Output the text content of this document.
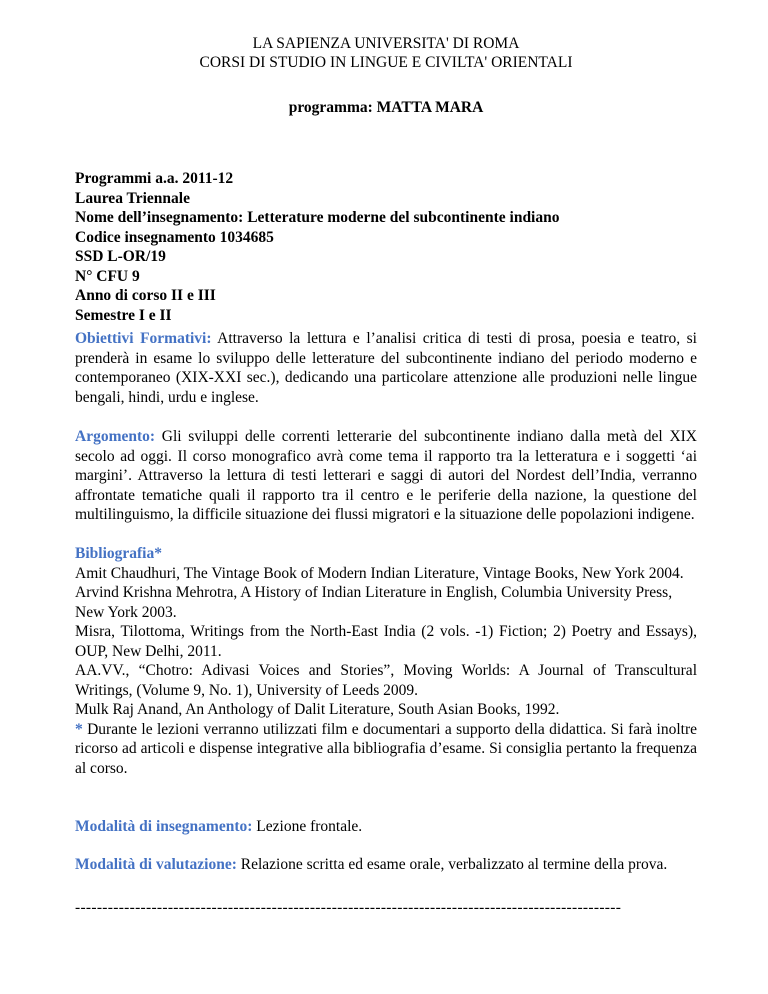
LA SAPIENZA UNIVERSITA' DI ROMA
CORSI DI STUDIO IN LINGUE E CIVILTA' ORIENTALI
programma: MATTA MARA
Programmi a.a. 2011-12
Laurea Triennale
Nome dell’insegnamento: Letterature moderne del subcontinente indiano
Codice insegnamento 1034685
SSD L-OR/19
N° CFU 9
Anno di corso II e III
Semestre I e II
Obiettivi Formativi: Attraverso la lettura e l’analisi critica di testi di prosa, poesia e teatro, si prenderà in esame lo sviluppo delle letterature del subcontinente indiano del periodo moderno e contemporaneo (XIX-XXI sec.), dedicando una particolare attenzione alle produzioni nelle lingue bengali, hindi, urdu e inglese.
Argomento: Gli sviluppi delle correnti letterarie del subcontinente indiano dalla metà del XIX secolo ad oggi. Il corso monografico avrà come tema il rapporto tra la letteratura e i soggetti ‘ai margini’. Attraverso la lettura di testi letterari e saggi di autori del Nordest dell’India, verranno affrontate tematiche quali il rapporto tra il centro e le periferie della nazione, la questione del multilinguismo, la difficile situazione dei flussi migratori e la situazione delle popolazioni indigene.
Bibliografia*
Amit Chaudhuri, The Vintage Book of Modern Indian Literature, Vintage Books, New York 2004.
Arvind Krishna Mehrotra, A History of Indian Literature in English, Columbia University Press,
New York 2003.
Misra, Tilottoma, Writings from the North-East India (2 vols. -1) Fiction; 2) Poetry and Essays), OUP, New Delhi, 2011.
AA.VV., “Chotro: Adivasi Voices and Stories”, Moving Worlds: A Journal of Transcultural Writings, (Volume 9, No. 1), University of Leeds 2009.
Mulk Raj Anand, An Anthology of Dalit Literature, South Asian Books, 1992.
* Durante le lezioni verranno utilizzati film e documentari a supporto della didattica. Si farà inoltre ricorso ad articoli e dispense integrative alla bibliografia d’esame. Si consiglia pertanto la frequenza al corso.
Modalità di insegnamento: Lezione frontale.
Modalità di valutazione: Relazione scritta ed esame orale, verbalizzato al termine della prova.
----------------------------------------------------------------------------------------------------
